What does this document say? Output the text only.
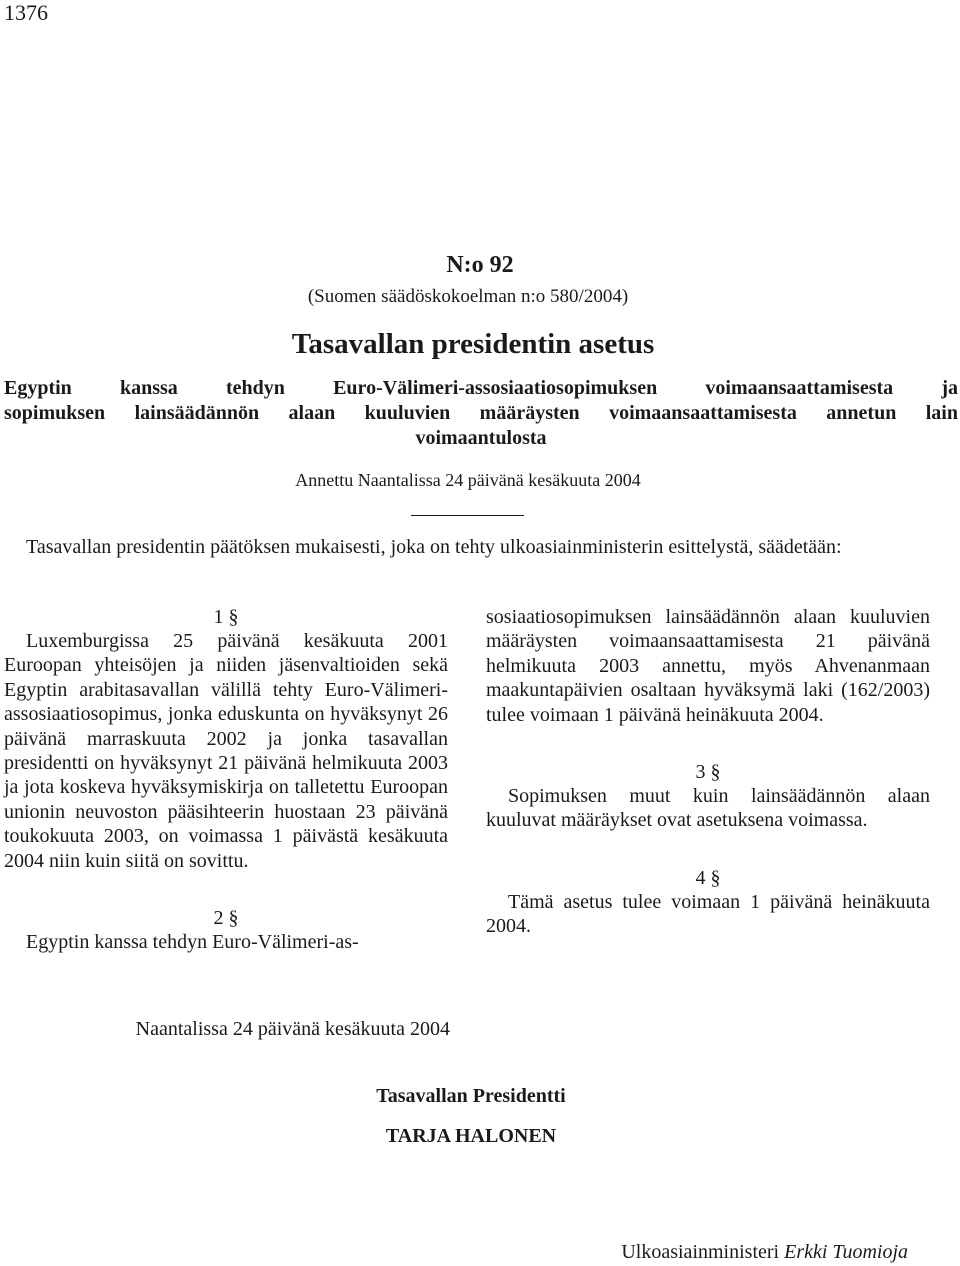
1376
N:o 92
(Suomen säädöskokoelman n:o 580/2004)
Tasavallan presidentin asetus
Egyptin kanssa tehdyn Euro-Välimeri-assosiaatiosopimuksen voimaansaattamisesta ja
sopimuksen lainsäädännön alaan kuuluvien määräysten voimaansaattamisesta annetun lain
voimaantulosta
Annettu Naantalissa 24 päivänä kesäkuuta 2004

Tasavallan presidentin päätöksen mukaisesti, joka on tehty ulkoasiainministerin esittelystä, säädetään:

1 §

Luxemburgissa 25 päivänä kesäkuuta 2001 Euroopan yhteisöjen ja niiden jäsenvaltioiden sekä Egyptin arabitasavallan välillä tehty Euro-Välimeri-assosiaatiosopimus, jonka eduskunta on hyväksynyt 26 päivänä marraskuuta 2002 ja jonka tasavallan presidentti on hyväksynyt 21 päivänä helmikuuta 2003 ja jota koskeva hyväksymiskirja on talletettu Euroopan unionin neuvoston pääsihteerin huostaan 23 päivänä toukokuuta 2003, on voimassa 1 päivästä kesäkuuta 2004 niin kuin siitä on sovittu.

2 §

Egyptin kanssa tehdyn Euro-Välimeri-as-

sosiaatiosopimuksen lainsäädännön alaan kuuluvien määräysten voimaansaattamisesta 21 päivänä helmikuuta 2003 annettu, myös Ahvenanmaan maakuntapäivien osaltaan hyväksymä laki (162/2003) tulee voimaan 1 päivänä heinäkuuta 2004.

3 §

Sopimuksen muut kuin lainsäädännön alaan kuuluvat määräykset ovat asetuksena voimassa.

4 §

Tämä asetus tulee voimaan 1 päivänä heinäkuuta 2004.

Naantalissa 24 päivänä kesäkuuta 2004
Tasavallan Presidentti
TARJA HALONEN
Ulkoasiainministeri Erkki Tuomioja
